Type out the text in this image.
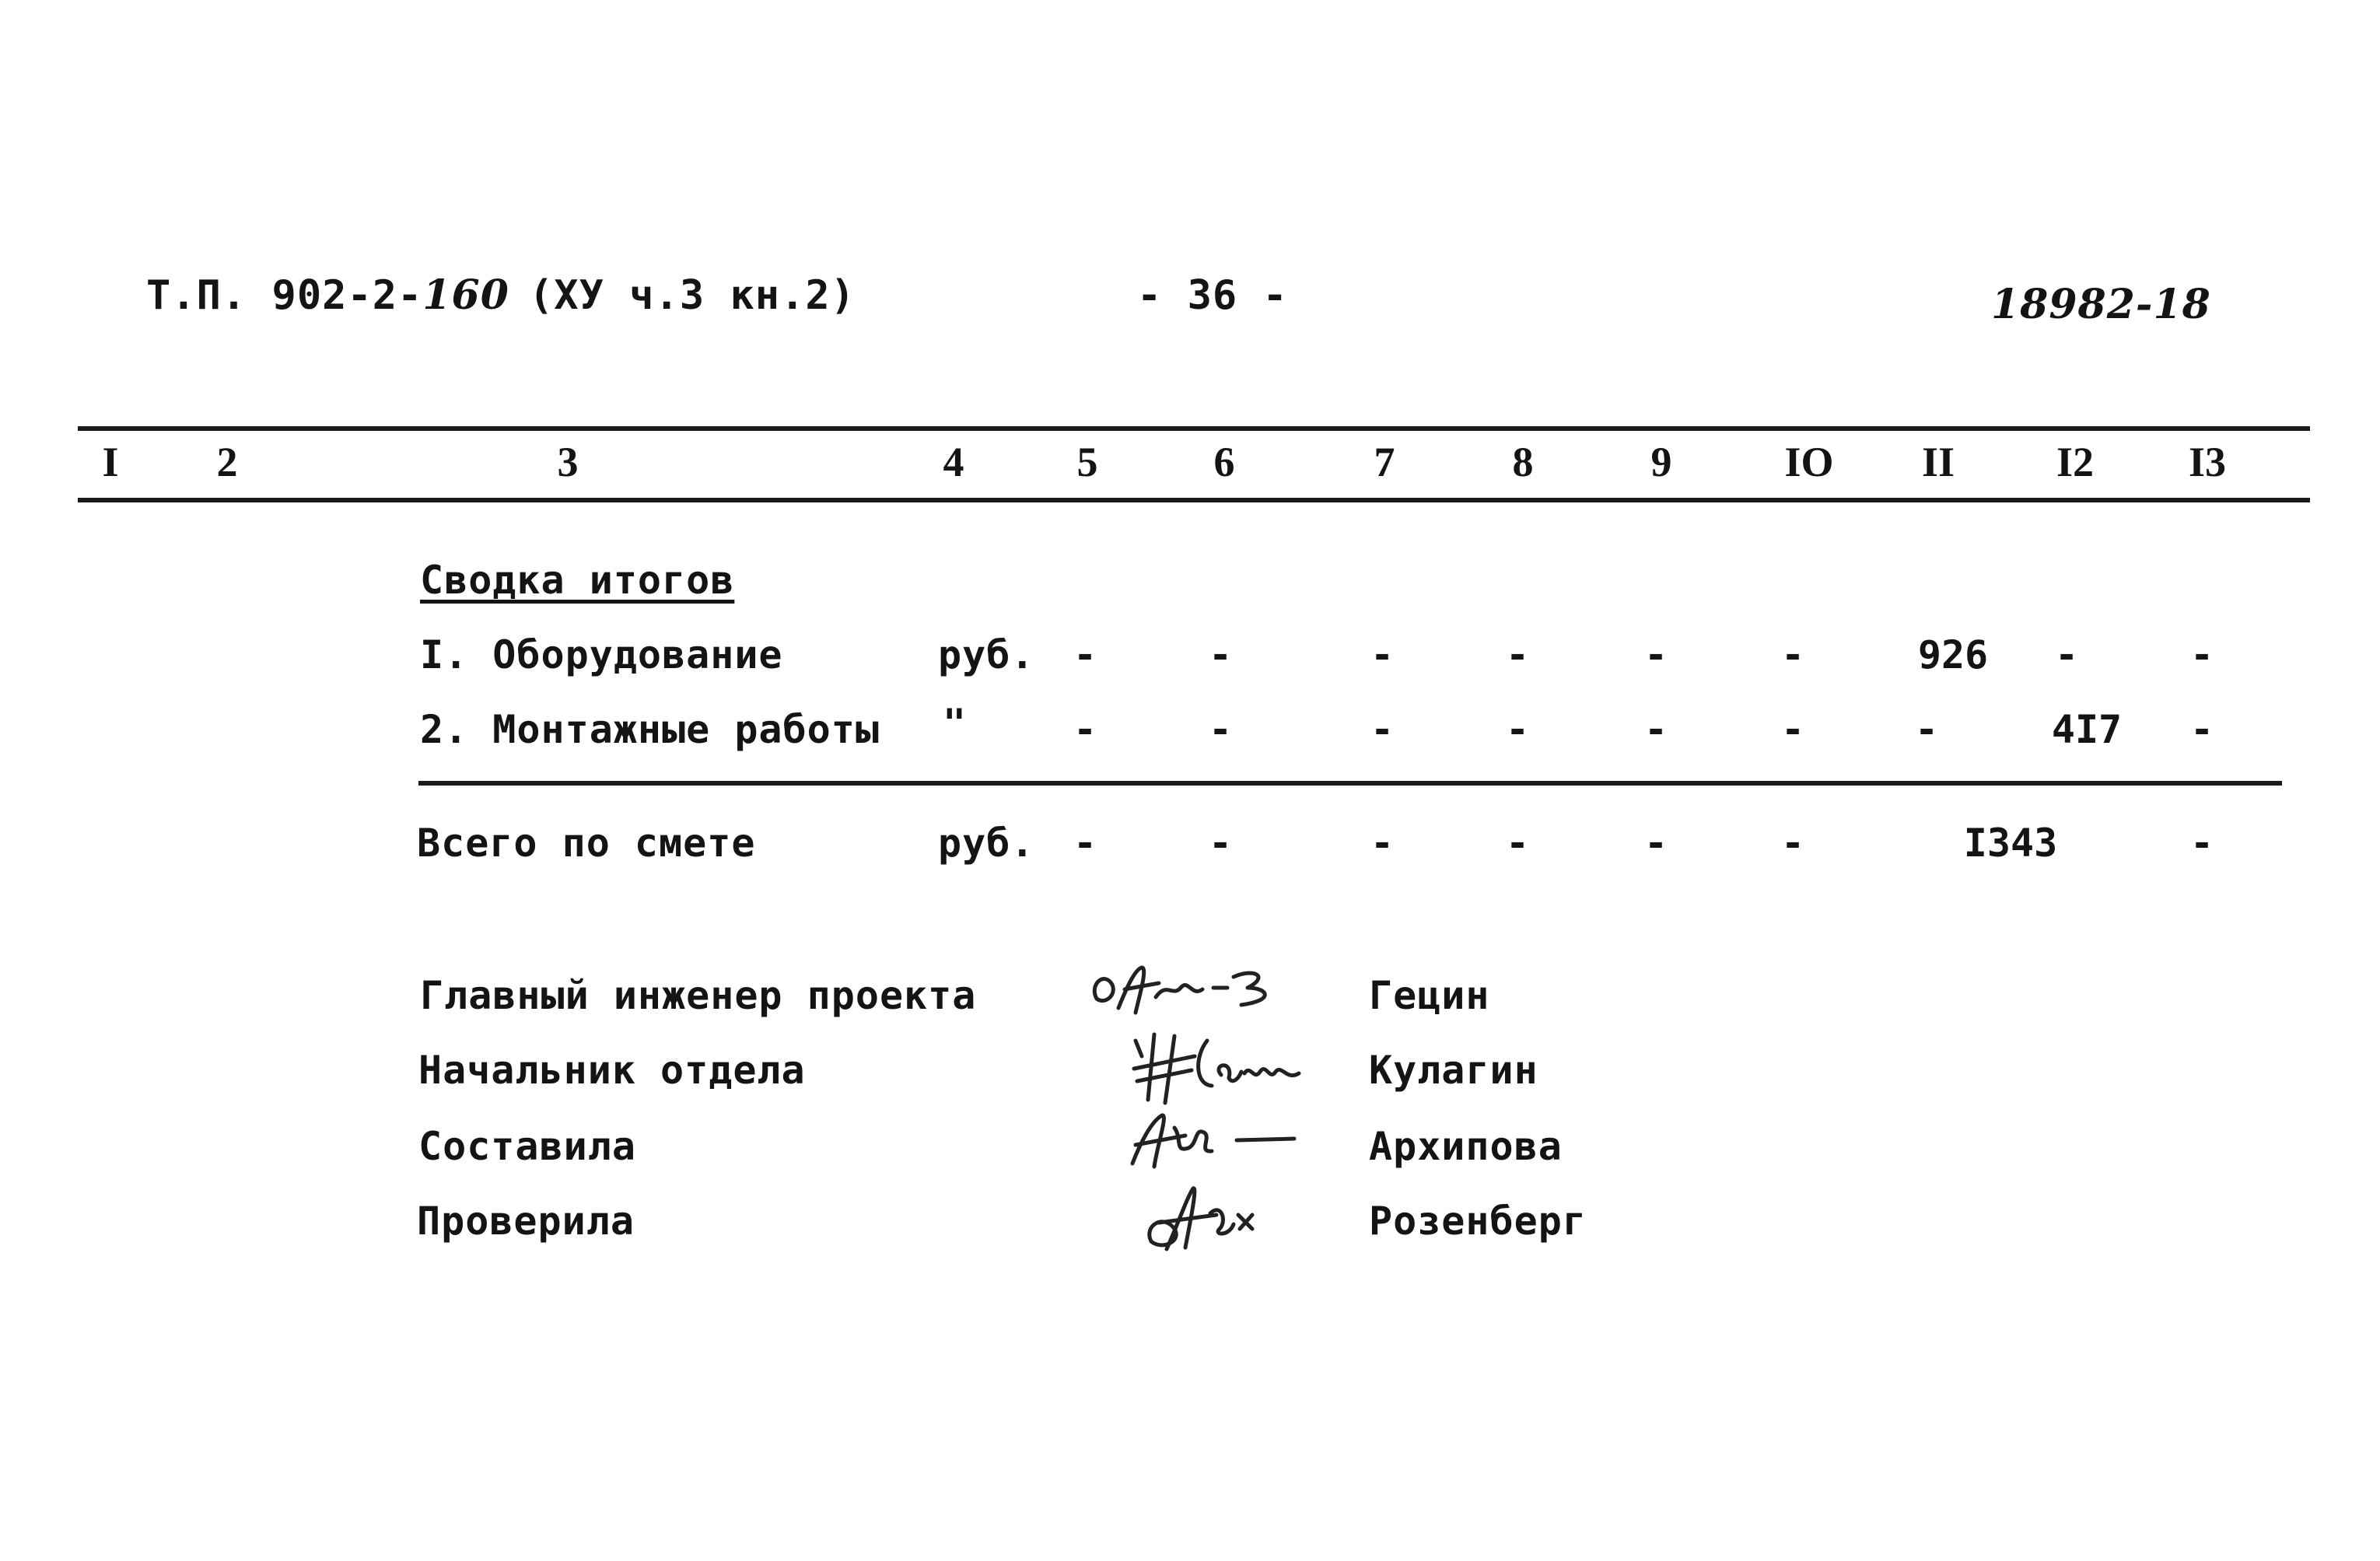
Т.П. 902-2-160 (ХУ ч.3 кн.2)	- 36 -	18982-18
I	2	3	4	5	6	7	8	9	IO	II	I2 I3
Сводка итогов
I. Оборудование	руб. -	-	-	-	-	-	926	-	-
2. Монтажные работы "	-	-	-	-	-	-	-	4I7	-
Всего по смете	руб. -	-	-	-	-	-	I343	-
Главный инженер проекта
Начальник отдела
Составила
Проверила
Гецин
Кулагин
Архипова
Розенберг
